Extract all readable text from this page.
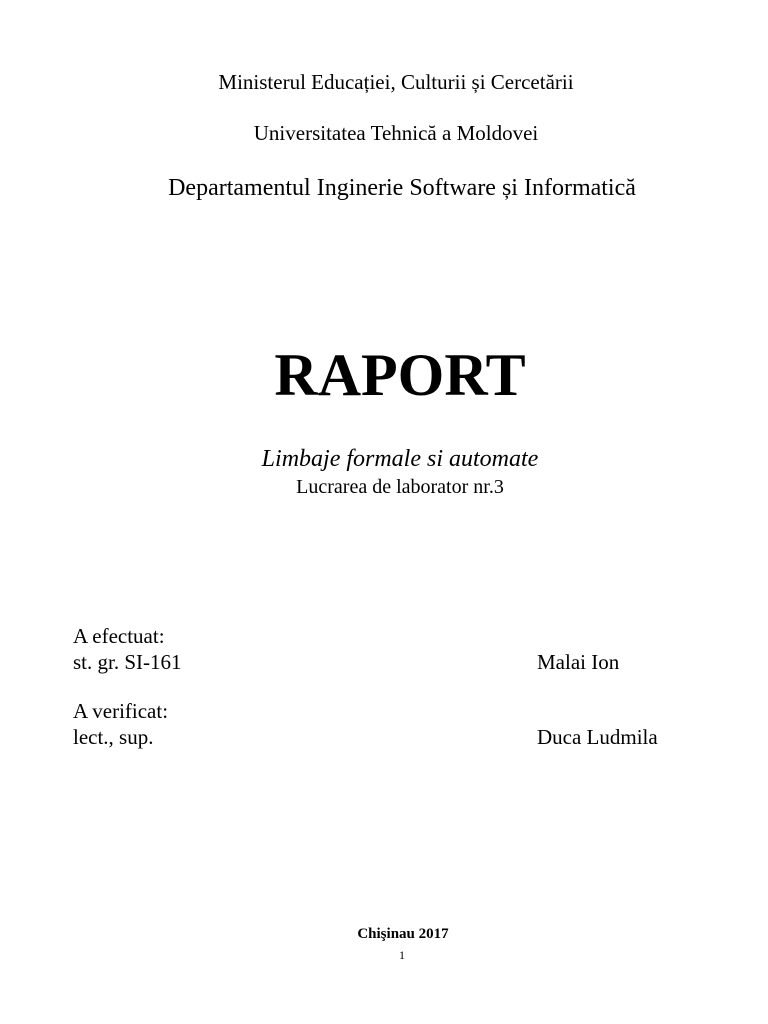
Ministerul Educației, Culturii și Cercetării
Universitatea Tehnică a Moldovei
Departamentul Inginerie Software și Informatică
RAPORT
Limbaje formale si automate
Lucrarea de laborator nr.3
A efectuat:
st. gr. SI-161	Malai Ion
A verificat:
lect., sup.	Duca Ludmila
Chişinau 2017
1
